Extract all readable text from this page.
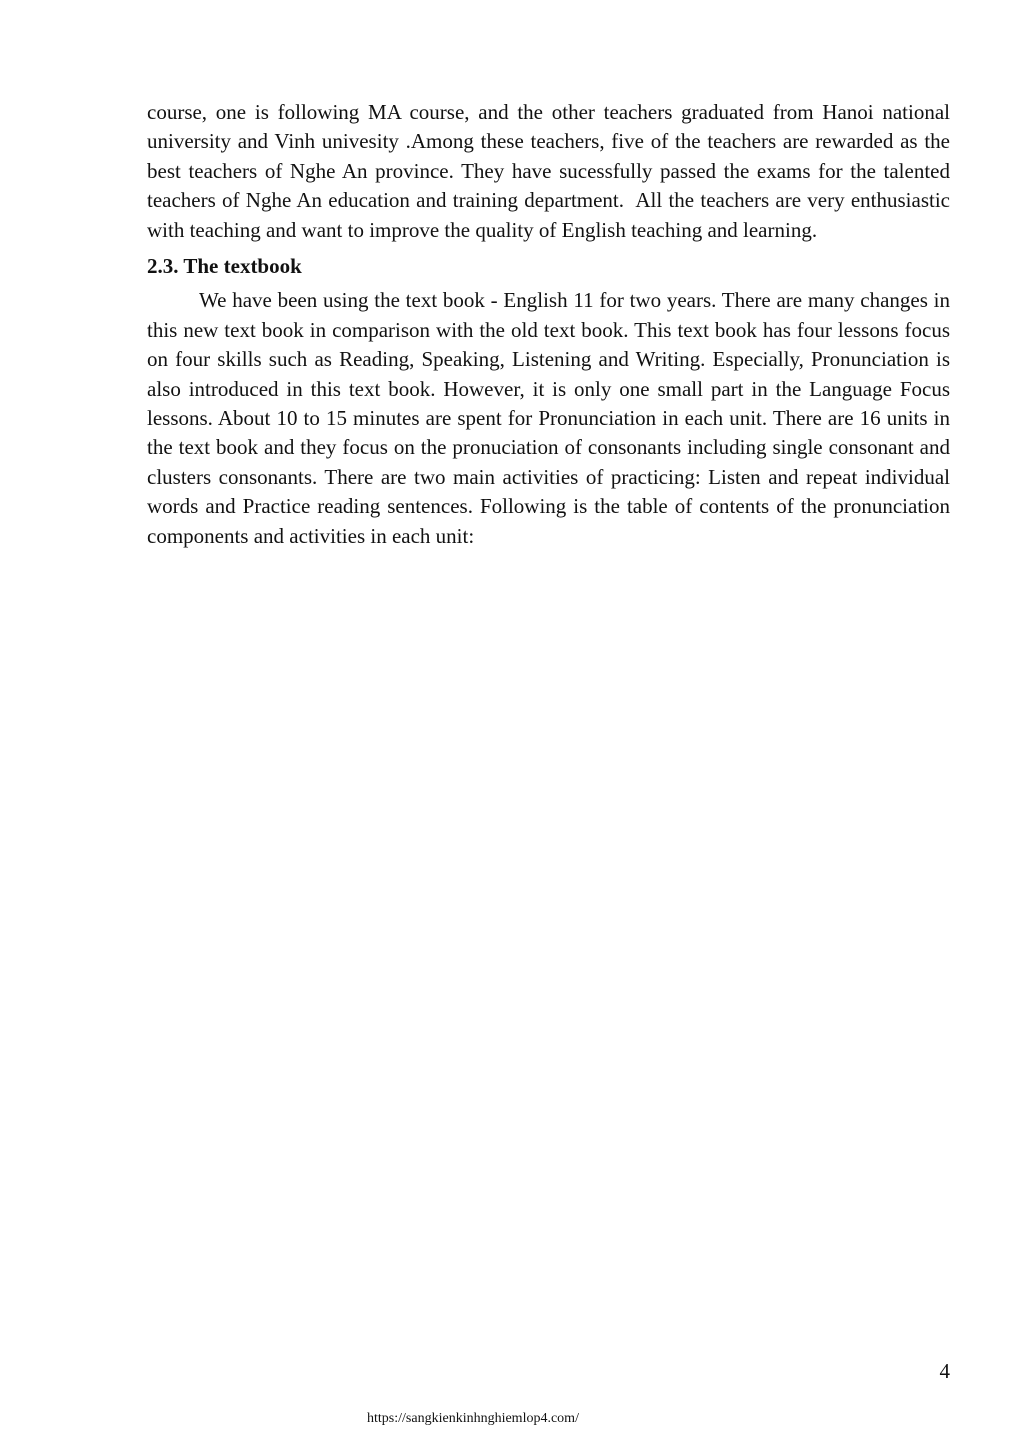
course, one is following MA course, and the other teachers graduated from Hanoi national university and Vinh univesity .Among these teachers, five of the teachers are rewarded as the best teachers of Nghe An province. They have sucessfully passed the exams for the talented teachers of Nghe An education and training department.  All the teachers are very enthusiastic with teaching and want to improve the quality of English teaching and learning.

2.3. The textbook

We have been using the text book - English 11 for two years. There are many changes in this new text book in comparison with the old text book. This text book has four lessons focus on four skills such as Reading, Speaking, Listening and Writing. Especially, Pronunciation is also introduced in this text book. However, it is only one small part in the Language Focus lessons. About 10 to 15 minutes are spent for Pronunciation in each unit. There are 16 units in the text book and they focus on the pronuciation of consonants including single consonant and clusters consonants. There are two main activities of practicing: Listen and repeat individual words and Practice reading sentences. Following is the table of contents of the pronunciation components and activities in each unit:

4
https://sangkienkinhnghiemlop4.com/
